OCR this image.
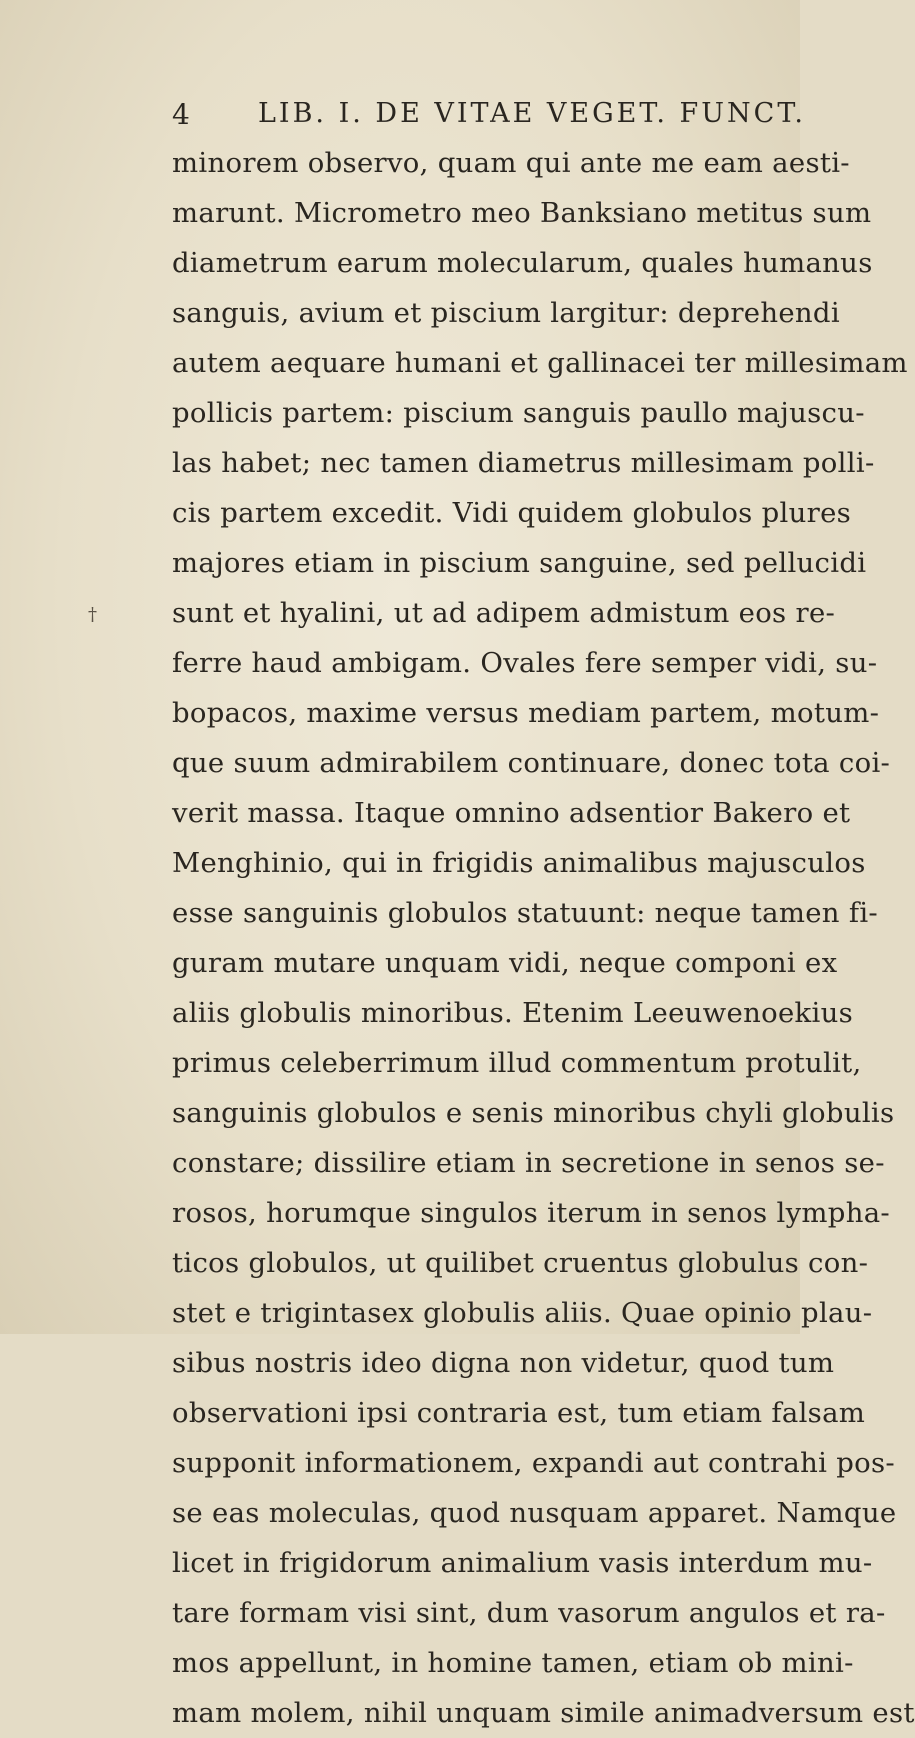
4 LIB. I. DE VITAE VEGET. FUNCT.
†
minorem observo, quam qui ante me eam aesti-
marunt. Micrometro meo Banksiano metitus sum
diametrum earum molecularum, quales humanus
sanguis, avium et piscium largitur: deprehendi
autem aequare humani et gallinacei ter millesimam
pollicis partem: piscium sanguis paullo majuscu-
las habet; nec tamen diametrus millesimam polli-
cis partem excedit. Vidi quidem globulos plures
majores etiam in piscium sanguine, sed pellucidi
sunt et hyalini, ut ad adipem admistum eos re-
ferre haud ambigam. Ovales fere semper vidi, su-
bopacos, maxime versus mediam partem, motum-
que suum admirabilem continuare, donec tota coi-
verit massa. Itaque omnino adsentior Bakero et
Menghinio, qui in frigidis animalibus majusculos
esse sanguinis globulos statuunt: neque tamen fi-
guram mutare unquam vidi, neque componi ex
aliis globulis minoribus. Etenim Leeuwenoekius
primus celeberrimum illud commentum protulit,
sanguinis globulos e senis minoribus chyli globulis
constare; dissilire etiam in secretione in senos se-
rosos, horumque singulos iterum in senos lympha-
ticos globulos, ut quilibet cruentus globulus con-
stet e trigintasex globulis aliis. Quae opinio plau-
sibus nostris ideo digna non videtur, quod tum
observationi ipsi contraria est, tum etiam falsam
supponit informationem, expandi aut contrahi pos-
se eas moleculas, quod nusquam apparet. Namque
licet in frigidorum animalium vasis interdum mu-
tare formam visi sint, dum vasorum angulos et ra-
mos appellunt, in homine tamen, etiam ob mini-
mam molem, nihil unquam simile animadversum est
